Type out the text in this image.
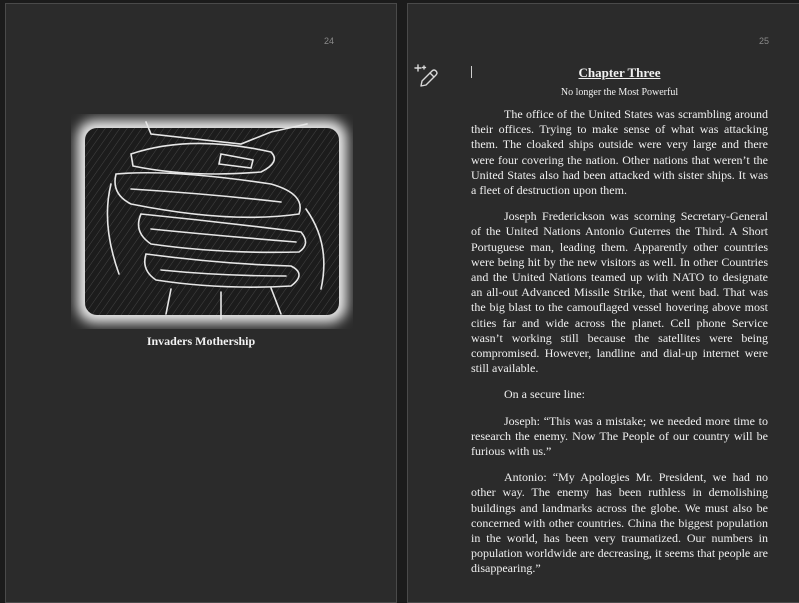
24
Invaders Mothership
25

Chapter Three

No longer the Most Powerful

The office of the United States was scrambling around their offices. Trying to make sense of what was attacking them. The cloaked ships outside were very large and there were four covering the nation. Other nations that weren’t the United States also had been attacked with sister ships. It was a fleet of destruction upon them.

Joseph Frederickson was scorning Secretary-General of the United Nations Antonio Guterres the Third. A Short Portuguese man, leading them. Apparently other countries were being hit by the new visitors as well. In other Countries and the United Nations teamed up with NATO to designate an all-out Advanced Missile Strike, that went bad. That was the big blast to the camouflaged vessel hovering above most cities far and wide across the planet. Cell phone Service wasn’t working still because the satellites were being compromised. However, landline and dial-up internet were still available.

On a secure line:

Joseph: “This was a mistake; we needed more time to research the enemy. Now The People of our country will be furious with us.”

Antonio: “My Apologies Mr. President, we had no other way. The enemy has been ruthless in demolishing buildings and landmarks across the globe. We must also be concerned with other countries. China the biggest population in the world, has been very traumatized. Our numbers in population worldwide are decreasing, it seems that people are disappearing.”
